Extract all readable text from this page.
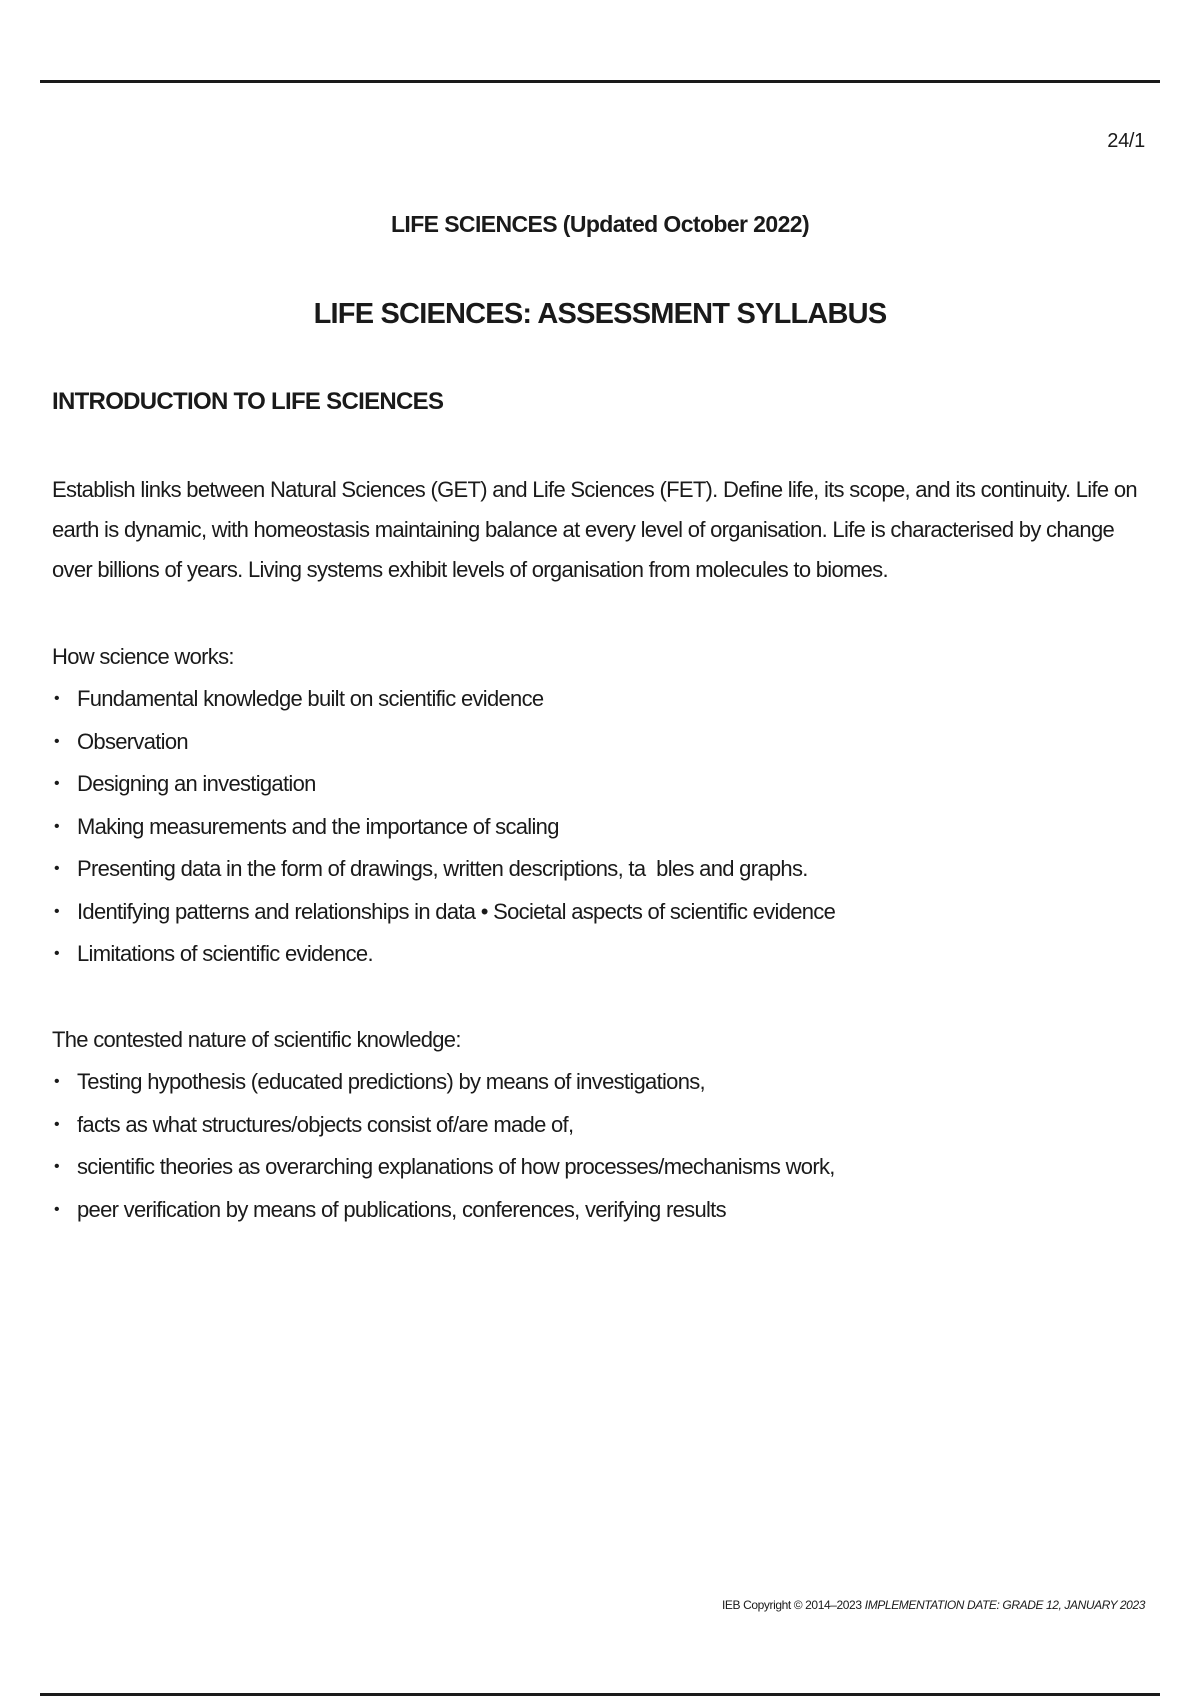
24/1
LIFE SCIENCES (Updated October 2022)
LIFE SCIENCES: ASSESSMENT SYLLABUS
INTRODUCTION TO LIFE SCIENCES

Establish links between Natural Sciences (GET) and Life Sciences (FET). Define life, its scope, and its continuity. Life on earth is dynamic, with homeostasis maintaining balance at every level of organisation. Life is characterised by change over billions of years. Living systems exhibit levels of organisation from molecules to biomes.

How science works:

• Fundamental knowledge built on scientific evidence
• Observation
• Designing an investigation
• Making measurements and the importance of scaling
• Presenting data in the form of drawings, written descriptions, ta  bles and graphs.
• Identifying patterns and relationships in data • Societal aspects of scientific evidence
• Limitations of scientific evidence.

The contested nature of scientific knowledge:

• Testing hypothesis (educated predictions) by means of investigations,
• facts as what structures/objects consist of/are made of,
• scientific theories as overarching explanations of how processes/mechanisms work,
• peer verification by means of publications, conferences, verifying results
IEB Copyright © 2014–2023 IMPLEMENTATION DATE: GRADE 12, JANUARY 2023
